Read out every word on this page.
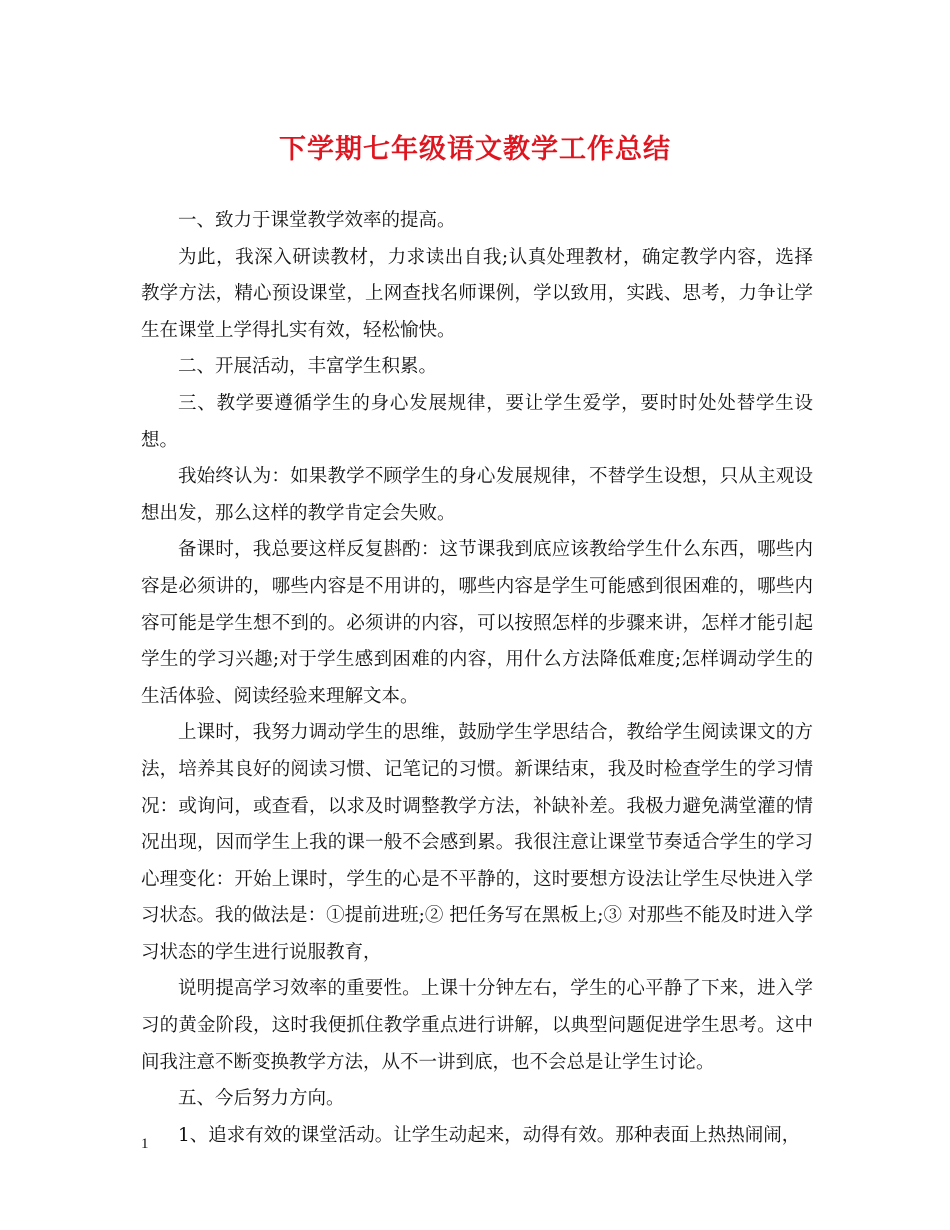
下学期七年级语文教学工作总结

一、致力于课堂教学效率的提高。

为此，我深入研读教材，力求读出自我;认真处理教材，确定教学内容，选择教学方法，精心预设课堂，上网查找名师课例，学以致用，实践、思考，力争让学生在课堂上学得扎实有效，轻松愉快。

二、开展活动，丰富学生积累。

三、教学要遵循学生的身心发展规律，要让学生爱学，要时时处处替学生设想。

我始终认为：如果教学不顾学生的身心发展规律，不替学生设想，只从主观设想出发，那么这样的教学肯定会失败。

备课时，我总要这样反复斟酌：这节课我到底应该教给学生什么东西，哪些内容是必须讲的，哪些内容是不用讲的，哪些内容是学生可能感到很困难的，哪些内容可能是学生想不到的。必须讲的内容，可以按照怎样的步骤来讲，怎样才能引起学生的学习兴趣;对于学生感到困难的内容，用什么方法降低难度;怎样调动学生的生活体验、阅读经验来理解文本。

上课时，我努力调动学生的思维，鼓励学生学思结合，教给学生阅读课文的方法，培养其良好的阅读习惯、记笔记的习惯。新课结束，我及时检查学生的学习情况：或询问，或查看，以求及时调整教学方法，补缺补差。我极力避免满堂灌的情况出现，因而学生上我的课一般不会感到累。我很注意让课堂节奏适合学生的学习心理变化：开始上课时，学生的心是不平静的，这时要想方设法让学生尽快进入学习状态。我的做法是：①提前进班;② 把任务写在黑板上;③ 对那些不能及时进入学习状态的学生进行说服教育，

说明提高学习效率的重要性。上课十分钟左右，学生的心平静了下来，进入学习的黄金阶段，这时我便抓住教学重点进行讲解，以典型问题促进学生思考。这中间我注意不断变换教学方法，从不一讲到底，也不会总是让学生讨论。

五、今后努力方向。

1、追求有效的课堂活动。让学生动起来，动得有效。那种表面上热热闹闹，

1
